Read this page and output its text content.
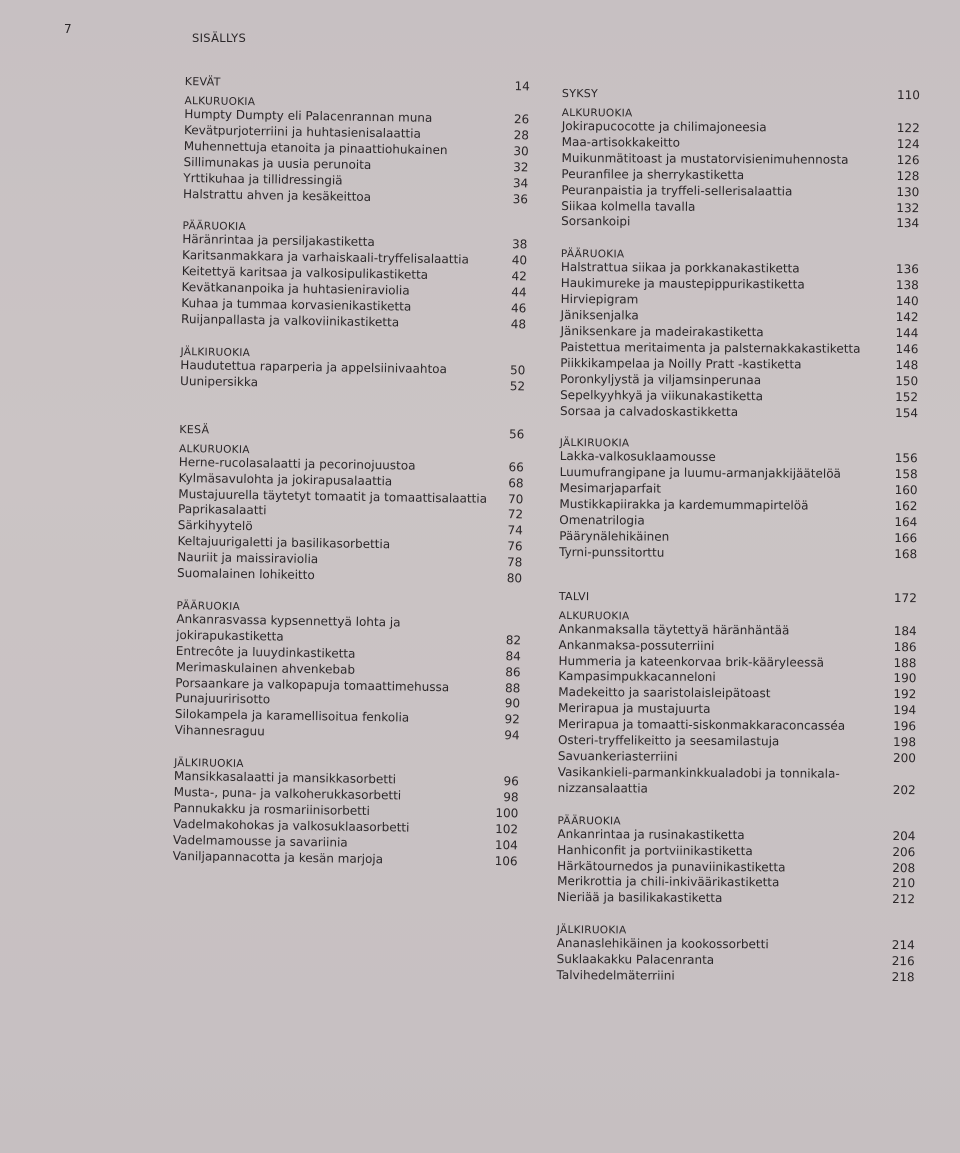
7
SISÄLLYS
KEVÄT	14
ALKURUOKIA
Humpty Dumpty eli Palacenrannan muna	26
Kevätpurjoterriini ja huhtasienisalaattia	28
Muhennettuja etanoita ja pinaattiohukainen	30
Sillimunakas ja uusia perunoita	32
Yrttikuhaa ja tillidressingiä	34
Halstrattu ahven ja kesäkeittoa	36
PÄÄRUOKIA
Häränrintaa ja persiljakastiketta	38
Karitsanmakkara ja varhaiskaali-tryffelisalaattia	40
Keitettyä karitsaa ja valkosipulikastiketta	42
Kevätkananpoika ja huhtasieniraviolia	44
Kuhaa ja tummaa korvasienikastiketta	46
Ruijanpallasta ja valkoviinikastiketta	48
JÄLKIRUOKIA
Haudutettua raparperia ja appelsiinivaahtoa	50
Uunipersikka	52
KESÄ	56
ALKURUOKIA
Herne-rucolasalaatti ja pecorinojuustoa	66
Kylmäsavulohta ja jokirapusalaattia	68
Mustajuurella täytetyt tomaatit ja tomaattisalaattia	70
Paprikasalaatti	72
Särkihyytelö	74
Keltajuurigaletti ja basilikasorbettia	76
Nauriit ja maissiraviolia	78
Suomalainen lohikeitto	80
PÄÄRUOKIA
Ankanrasvassa kypsennettyä lohta ja jokirapukastiketta	82
Entrecôte ja luuydinkastiketta	84
Merimaskulainen ahvenkebab	86
Porsaankare ja valkopapuja tomaattimehussa	88
Punajuuririsotto	90
Silokampela ja karamellisoitua fenkolia	92
Vihannesraguu	94
JÄLKIRUOKIA
Mansikkasalaatti ja mansikkasorbetti	96
Musta-, puna- ja valkoherukkasorbetti	98
Pannukakku ja rosmariinisorbetti	100
Vadelmakohokas ja valkosuklaasorbetti	102
Vadelmamousse ja savariinia	104
Vaniljapannacotta ja kesän marjoja	106
SYKSY	110
ALKURUOKIA
Jokirapucocotte ja chilimajoneesia	122
Maa-artisokkakeitto	124
Muikunmätitoast ja mustatorvisienimuhennosta	126
Peuranfilee ja sherrykastiketta	128
Peuranpaistia ja tryffeli-sellerisalaattia	130
Siikaa kolmella tavalla	132
Sorsankoipi	134
PÄÄRUOKIA
Halstrattua siikaa ja porkkanakastiketta	136
Haukimureke ja maustepippurikastiketta	138
Hirviepigram	140
Jäniksenjalka	142
Jäniksenkare ja madeirakastiketta	144
Paistettua meritaimenta ja palsternakkakastiketta	146
Piikkikampelaa ja Noilly Pratt -kastiketta	148
Poronkyljystä ja viljamsinperunaa	150
Sepelkyyhkyä ja viikunakastiketta	152
Sorsaa ja calvadoskastikketta	154
JÄLKIRUOKIA
Lakka-valkosuklaamousse	156
Luumufrangipane ja luumu-armanjakkijäätelöä	158
Mesimarjaparfait	160
Mustikkapiirakka ja kardemummapirtelöä	162
Omenatrilogia	164
Päärynälehikäinen	166
Tyrni-punssitorttu	168
TALVI	172
ALKURUOKIA
Ankanmaksalla täytettyä häränhäntää	184
Ankanmaksa-possuterriini	186
Hummeria ja kateenkorvaa brik-kääryleessä	188
Kampasimpukkacanneloni	190
Madekeitto ja saaristolaisleipätoast	192
Merirapua ja mustajuurta	194
Merirapua ja tomaatti-siskonmakkaraconcasséa	196
Osteri-tryffelikeitto ja seesamilastuja	198
Savuankeriasterriini	200
Vasikankieli-parmankinkkualadobi ja tonnikala-nizzansalaattia	202
PÄÄRUOKIA
Ankanrintaa ja rusinakastiketta	204
Hanhiconfit ja portviinikastiketta	206
Härkätournedos ja punaviinikastiketta	208
Merikrottia ja chili-inkiväärikastiketta	210
Nieriää ja basilikakastiketta	212
JÄLKIRUOKIA
Ananaslehikäinen ja kookossorbetti	214
Suklaakakku Palacenranta	216
Talvihedelmäterriini	218
